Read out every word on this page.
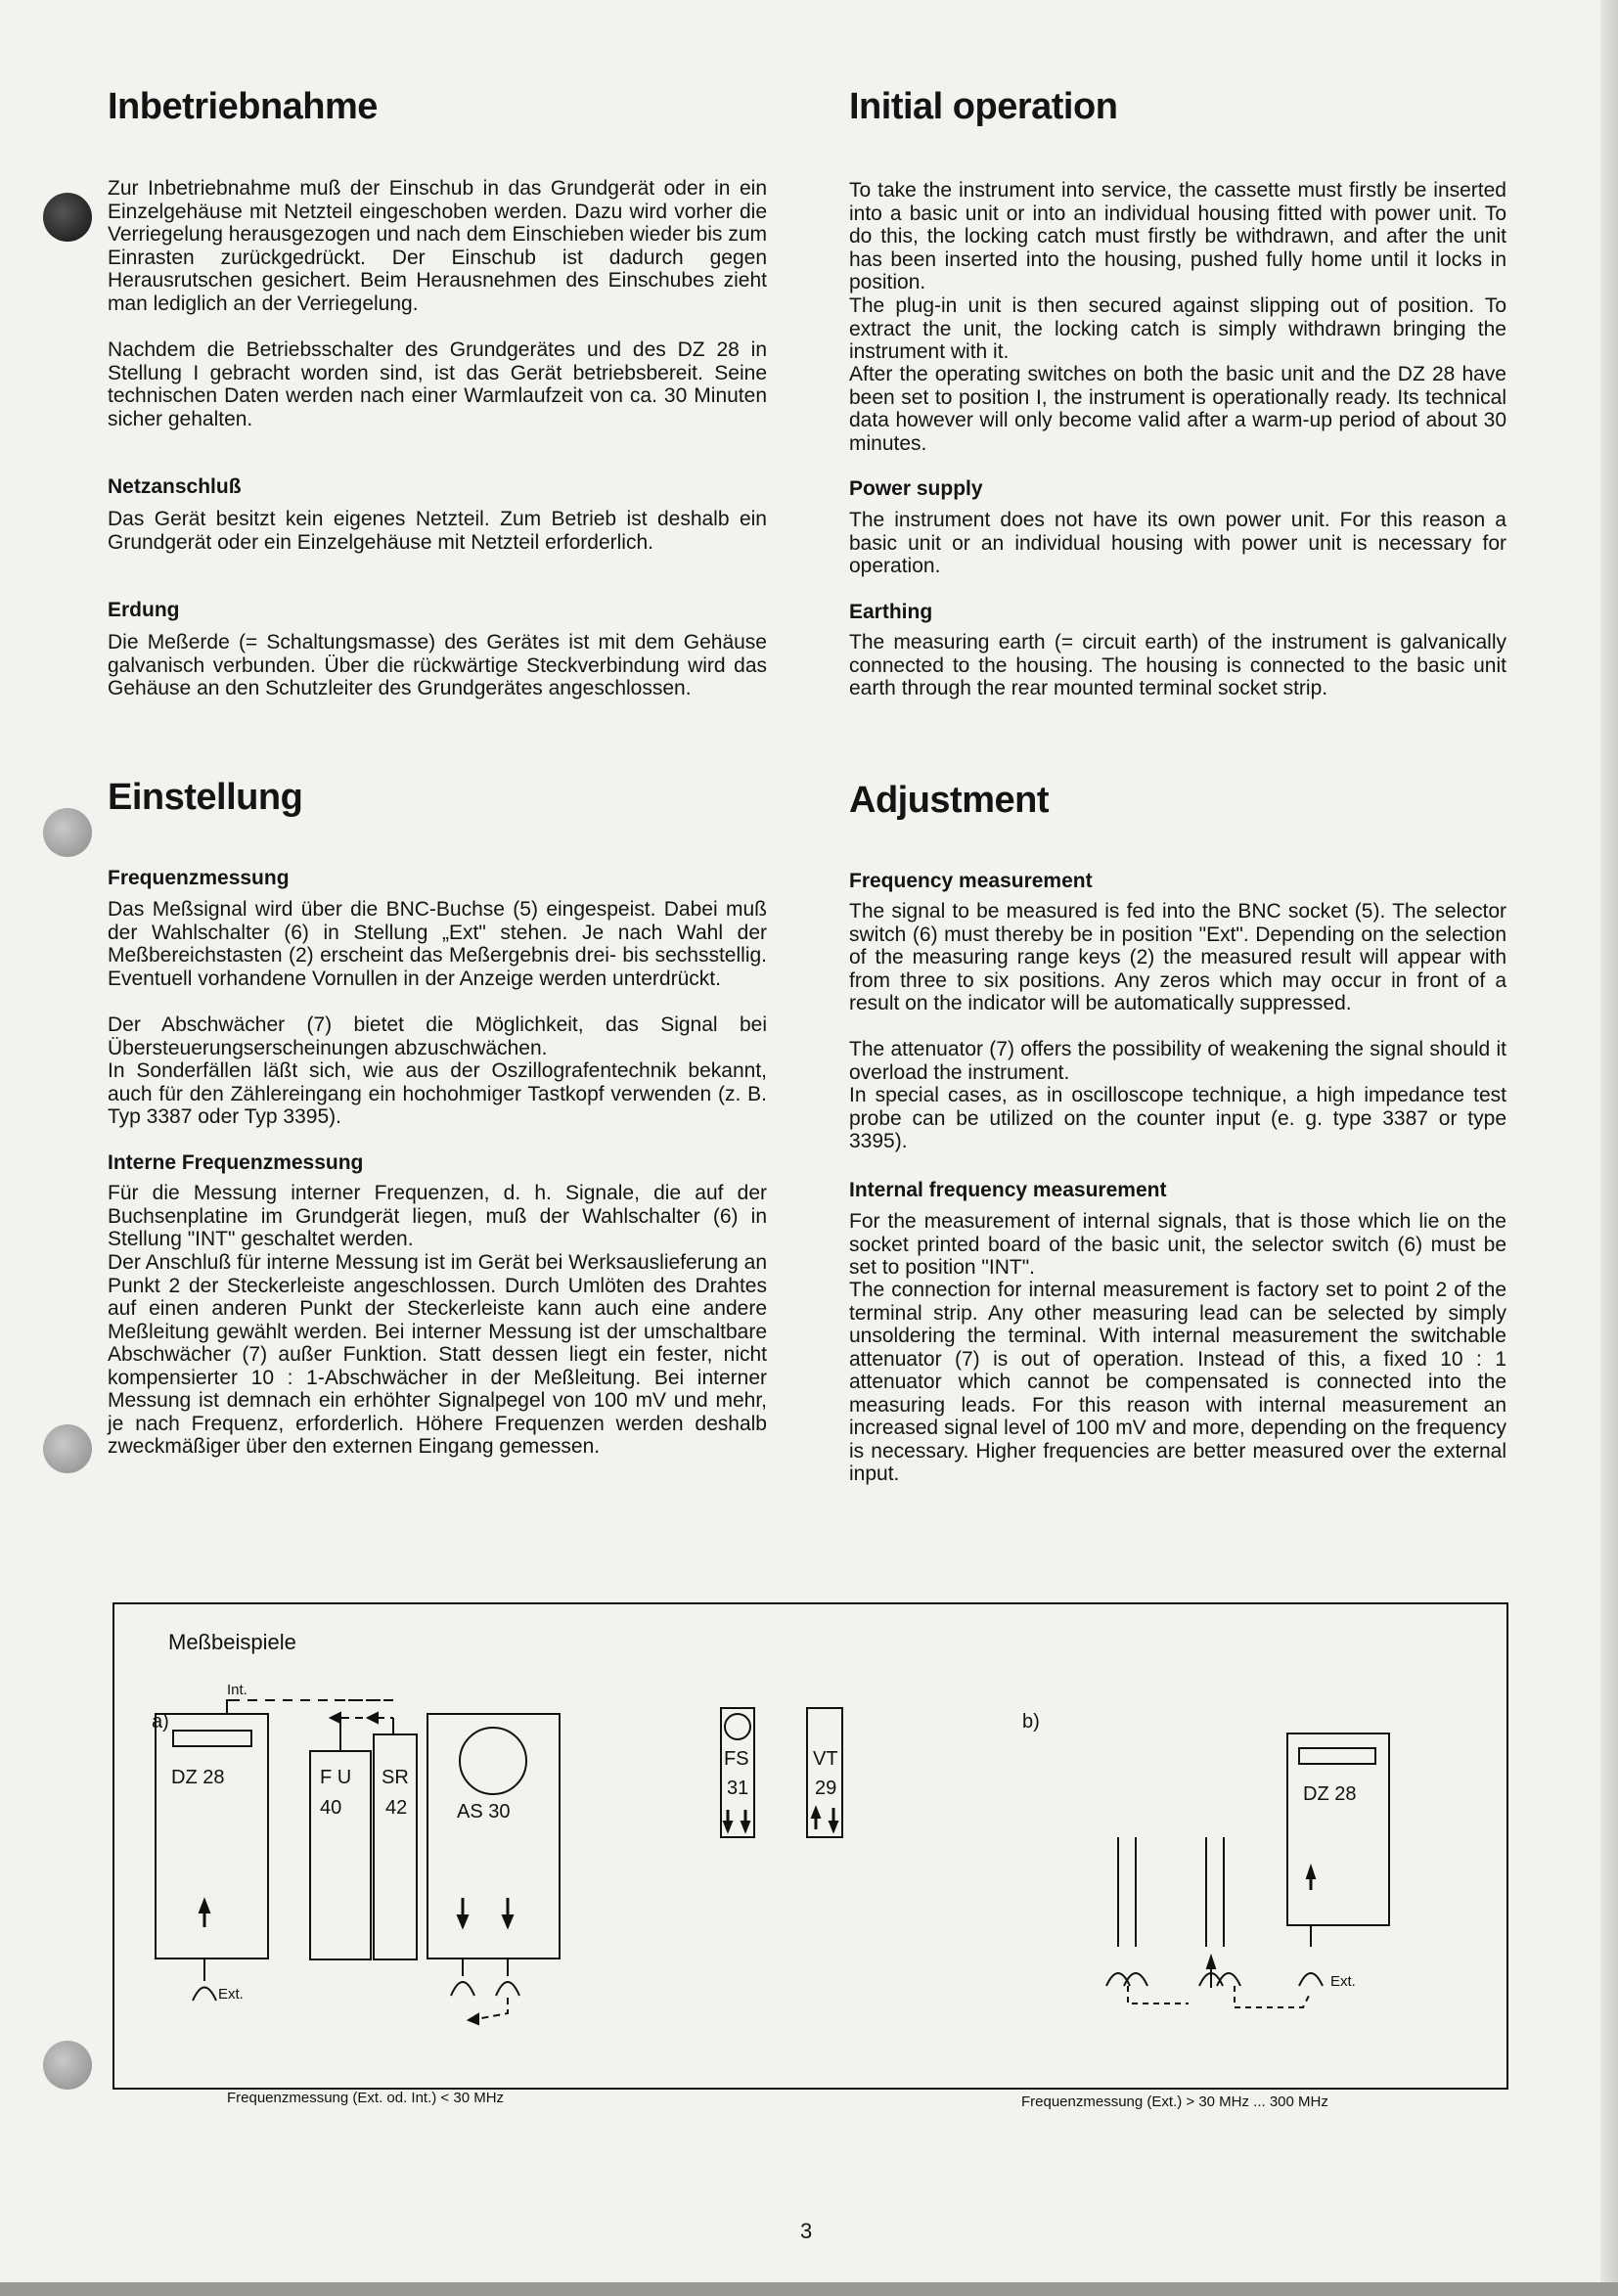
Inbetriebnahme

Zur Inbetriebnahme muß der Einschub in das Grundgerät oder in ein Einzelgehäuse mit Netzteil eingeschoben werden. Dazu wird vorher die Verriegelung herausgezogen und nach dem Einschieben wieder bis zum Einrasten zurückgedrückt. Der Einschub ist dadurch gegen Herausrutschen gesichert. Beim Herausnehmen des Einschubes zieht man lediglich an der Verriegelung.

Nachdem die Betriebsschalter des Grundgerätes und des DZ 28 in Stellung I gebracht worden sind, ist das Gerät betriebsbereit. Seine technischen Daten werden nach einer Warmlaufzeit von ca. 30 Minuten sicher gehalten.

Netzanschluß

Das Gerät besitzt kein eigenes Netzteil. Zum Betrieb ist deshalb ein Grundgerät oder ein Einzelgehäuse mit Netzteil erforderlich.

Erdung

Die Meßerde (= Schaltungsmasse) des Gerätes ist mit dem Gehäuse galvanisch verbunden. Über die rückwärtige Steckverbindung wird das Gehäuse an den Schutzleiter des Grundgerätes angeschlossen.

Einstellung
Frequenzmessung

Das Meßsignal wird über die BNC-Buchse (5) eingespeist. Dabei muß der Wahlschalter (6) in Stellung „Ext" stehen. Je nach Wahl der Meßbereichstasten (2) erscheint das Meßergebnis drei- bis sechsstellig. Eventuell vorhandene Vornullen in der Anzeige werden unterdrückt.

Der Abschwächer (7) bietet die Möglichkeit, das Signal bei Übersteuerungserscheinungen abzuschwächen.

In Sonderfällen läßt sich, wie aus der Oszillografentechnik bekannt, auch für den Zählereingang ein hochohmiger Tastkopf verwenden (z. B. Typ 3387 oder Typ 3395).

Interne Frequenzmessung

Für die Messung interner Frequenzen, d. h. Signale, die auf der Buchsenplatine im Grundgerät liegen, muß der Wahlschalter (6) in Stellung "INT" geschaltet werden.

Der Anschluß für interne Messung ist im Gerät bei Werksauslieferung an Punkt 2 der Steckerleiste angeschlossen. Durch Umlöten des Drahtes auf einen anderen Punkt der Steckerleiste kann auch eine andere Meßleitung gewählt werden. Bei interner Messung ist der umschaltbare Abschwächer (7) außer Funktion. Statt dessen liegt ein fester, nicht kompensierter 10 : 1-Abschwächer in der Meßleitung. Bei interner Messung ist demnach ein erhöhter Signalpegel von 100 mV und mehr, je nach Frequenz, erforderlich. Höhere Frequenzen werden deshalb zweckmäßiger über den externen Eingang gemessen.

Initial operation

To take the instrument into service, the cassette must firstly be inserted into a basic unit or into an individual housing fitted with power unit. To do this, the locking catch must firstly be withdrawn, and after the unit has been inserted into the housing, pushed fully home until it locks in position.

The plug-in unit is then secured against slipping out of position. To extract the unit, the locking catch is simply withdrawn bringing the instrument with it.

After the operating switches on both the basic unit and the DZ 28 have been set to position I, the instrument is operationally ready. Its technical data however will only become valid after a warm-up period of about 30 minutes.

Power supply

The instrument does not have its own power unit. For this reason a basic unit or an individual housing with power unit is necessary for operation.

Earthing

The measuring earth (= circuit earth) of the instrument is galvanically connected to the housing. The housing is connected to the basic unit earth through the rear mounted terminal socket strip.

Adjustment
Frequency measurement

The signal to be measured is fed into the BNC socket (5). The selector switch (6) must thereby be in position "Ext". Depending on the selection of the measuring range keys (2) the measured result will appear with from three to six positions. Any zeros which may occur in front of a result on the indicator will be automatically suppressed.

The attenuator (7) offers the possibility of weakening the signal should it overload the instrument.

In special cases, as in oscilloscope technique, a high impedance test probe can be utilized on the counter input (e. g. type 3387 or type 3395).

Internal frequency measurement

For the measurement of internal signals, that is those which lie on the socket printed board of the basic unit, the selector switch (6) must be set to position "INT".

The connection for internal measurement is factory set to point 2 of the terminal strip. Any other measuring lead can be selected by simply unsoldering the terminal. With internal measurement the switchable attenuator (7) is out of operation. Instead of this, a fixed 10 : 1 attenuator which cannot be compensated is connected into the measuring leads. For this reason with internal measurement an increased signal level of 100 mV and more, depending on the frequency is necessary. Higher frequencies are better measured over the external input.

Meßbeispiele
a)	b)
Int.
DZ 28
Ext.
F U
40
SR
42	AS 30
FS
31
VT
29	DZ 28
Ext.
Frequenzmessung (Ext. od. Int.) < 30 MHz	Frequenzmessung (Ext.) > 30 MHz ... 300 MHz
3
